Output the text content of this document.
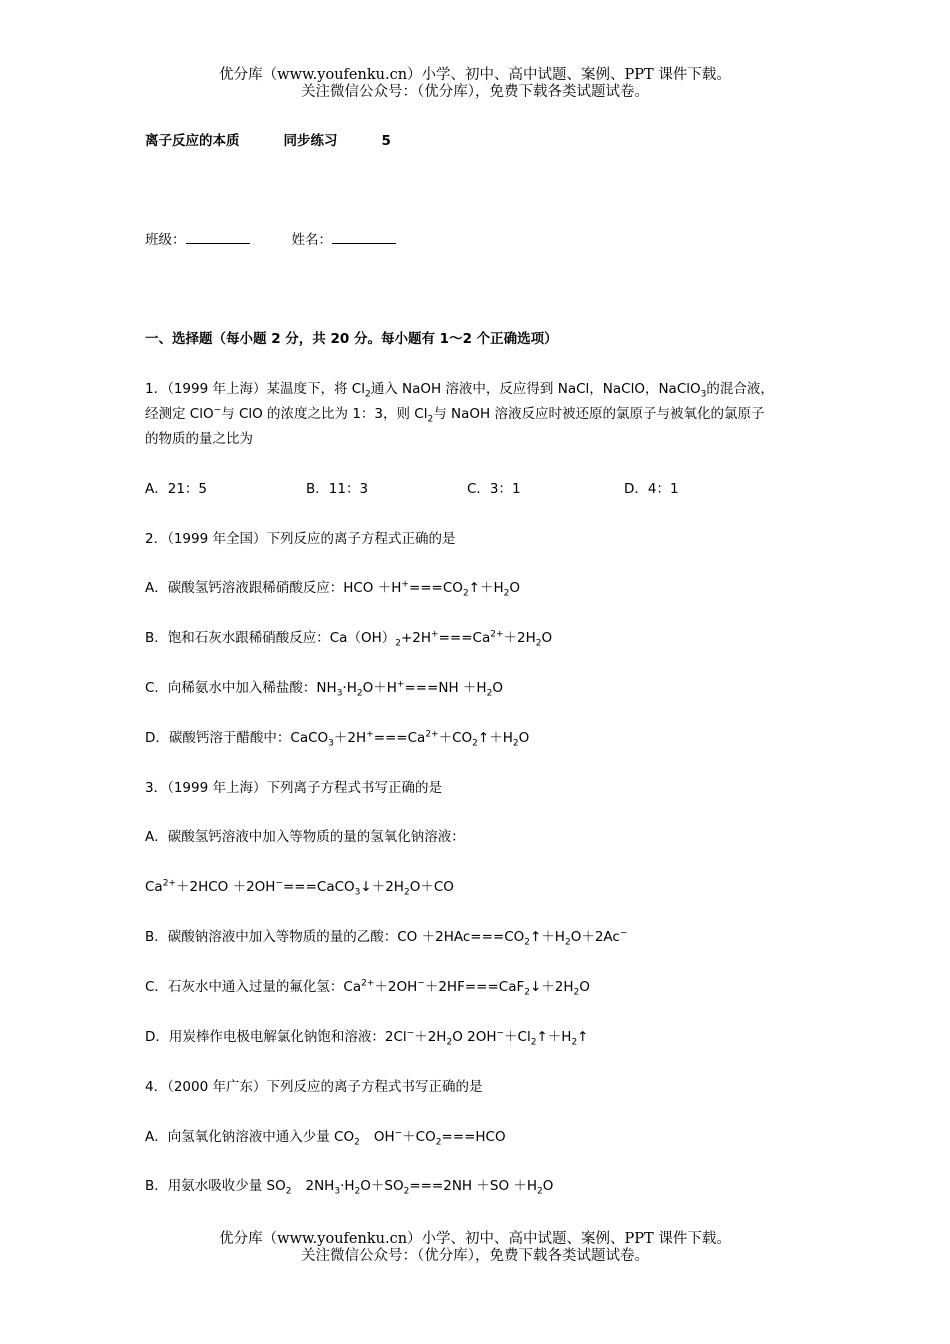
优分库（www.youfenku.cn）小学、初中、高中试题、案例、PPT 课件下载。
关注微信公众号：（优分库），免费下载各类试题试卷。
离子反应的本质	同步练习	5
班级：	姓名：
一、选择题（每小题 2 分，共 20 分。每小题有 1～2 个正确选项）
1．（1999 年上海）某温度下，将 $Cl_2$通入 NaOH 溶液中，反应得到 NaCl，NaClO，NaClO$_3$的混合液，
经测定 ClO−与 ClO 的浓度之比为 1：3，则 $Cl_2$与 NaOH 溶液反应时被还原的氯原子与被氧化的氯原子
的物质的量之比为
A．21：5	B．11：3	C．3：1	D．4：1
2．（1999 年全国）下列反应的离子方程式正确的是
A．碳酸氢钙溶液跟稀硝酸反应：HCO $+H^+===CO_2↑+H_2O$
B．饱和石灰水跟稀硝酸反应：$Ca(OH)_2+2H^+===Ca^{2+}+2H_2O$
C．向稀氨水中加入稀盐酸：$NH_3\cdot H_2O+H^+===NH +H_2O$
D．碳酸钙溶于醋酸中：$CaCO_3+2H^+===Ca^{2+}+CO_2↑+H_2O$
3．（1999 年上海）下列离子方程式书写正确的是
A．碳酸氢钙溶液中加入等物质的量的氢氧化钠溶液：
$Ca^{2+}+2HCO$ $+2OH^-===CaCO_3↓+2H_2O+CO$
B．碳酸钠溶液中加入等物质的量的乙酸：CO $+2HAc===CO_2↑+H_2O+2Ac^-$
C．石灰水中通入过量的氟化氢：$Ca^{2+}+2OH^-+2HF===CaF_2↓+2H_2O$
D．用炭棒作电极电解氯化钠饱和溶液：$2Cl^-+2H_2O$ $2OH^-+Cl_2↑+H_2↑$
4．（2000 年广东）下列反应的离子方程式书写正确的是
A．向氢氧化钠溶液中通入少量 $CO_2$ $OH^-+CO_2===HCO$
B．用氨水吸收少量 $SO_2$ $2NH_3\cdot H_2O+SO_2===2NH +SO +H_2O$
优分库（www.youfenku.cn）小学、初中、高中试题、案例、PPT 课件下载。
关注微信公众号：（优分库），免费下载各类试题试卷。
